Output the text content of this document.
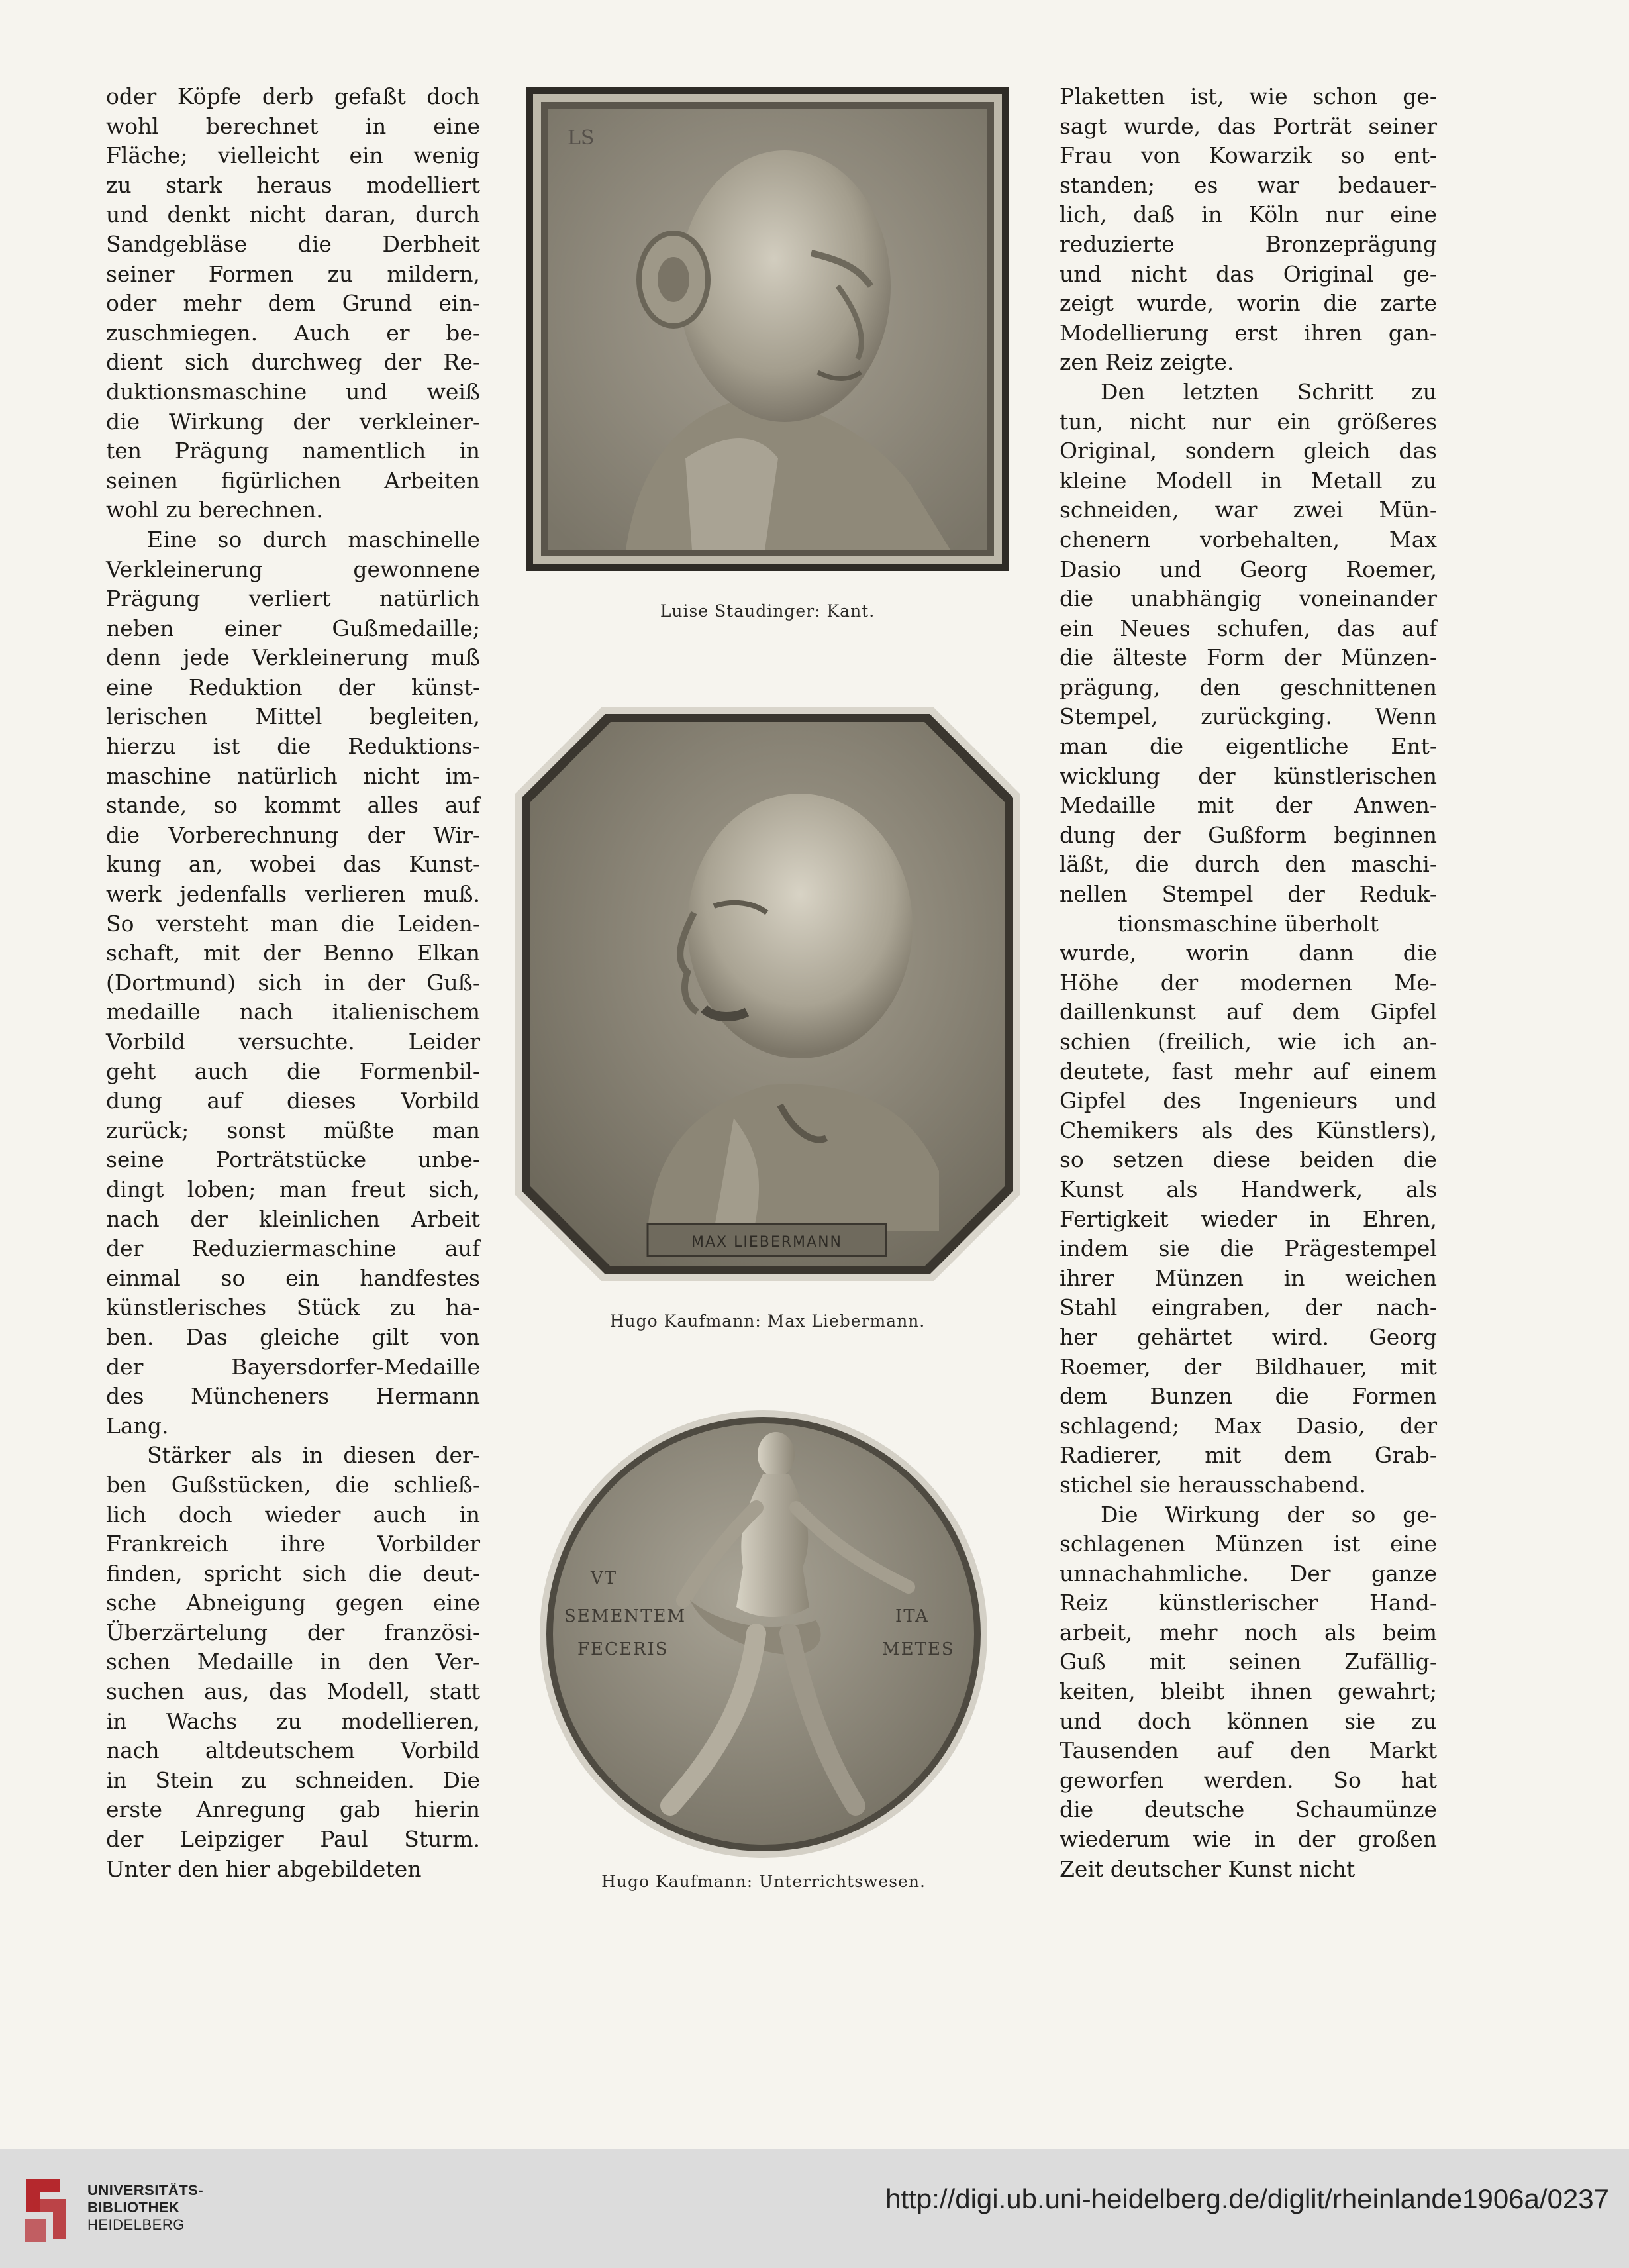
oder Köpfe derb gefaßt doch
wohl berechnet in eine
Fläche; vielleicht ein wenig
zu stark heraus modelliert
und denkt nicht daran, durch
Sandgebläse die Derbheit
seiner Formen zu mildern,
oder mehr dem Grund ein-
zuschmiegen. Auch er be-
dient sich durchweg der Re-
duktionsmaschine und weiß
die Wirkung der verkleiner-
ten Prägung namentlich in
seinen figürlichen Arbeiten
wohl zu berechnen.
Eine so durch maschinelle
Verkleinerung gewonnene
Prägung verliert natürlich
neben einer Gußmedaille;
denn jede Verkleinerung muß
eine Reduktion der künst-
lerischen Mittel begleiten,
hierzu ist die Reduktions-
maschine natürlich nicht im-
stande, so kommt alles auf
die Vorberechnung der Wir-
kung an, wobei das Kunst-
werk jedenfalls verlieren muß.
So versteht man die Leiden-
schaft, mit der Benno Elkan
(Dortmund) sich in der Guß-
medaille nach italienischem
Vorbild versuchte. Leider
geht auch die Formenbil-
dung auf dieses Vorbild
zurück; sonst müßte man
seine Porträtstücke unbe-
dingt loben; man freut sich,
nach der kleinlichen Arbeit
der Reduziermaschine auf
einmal so ein handfestes
künstlerisches Stück zu ha-
ben. Das gleiche gilt von
der Bayersdorfer-Medaille
des Müncheners Hermann
Lang.
Stärker als in diesen der-
ben Gußstücken, die schließ-
lich doch wieder auch in
Frankreich ihre Vorbilder
finden, spricht sich die deut-
sche Abneigung gegen eine
Überzärtelung der französi-
schen Medaille in den Ver-
suchen aus, das Modell, statt
in Wachs zu modellieren,
nach altdeutschem Vorbild
in Stein zu schneiden. Die
erste Anregung gab hierin
der Leipziger Paul Sturm.
Unter den hier abgebildeten
Plaketten ist, wie schon ge-
sagt wurde, das Porträt seiner
Frau von Kowarzik so ent-
standen; es war bedauer-
lich, daß in Köln nur eine
reduzierte Bronzeprägung
und nicht das Original ge-
zeigt wurde, worin die zarte
Modellierung erst ihren gan-
zen Reiz zeigte.
Den letzten Schritt zu
tun, nicht nur ein größeres
Original, sondern gleich das
kleine Modell in Metall zu
schneiden, war zwei Mün-
chenern vorbehalten, Max
Dasio und Georg Roemer,
die unabhängig voneinander
ein Neues schufen, das auf
die älteste Form der Münzen-
prägung, den geschnittenen
Stempel, zurückging. Wenn
man die eigentliche Ent-
wicklung der künstlerischen
Medaille mit der Anwen-
dung der Gußform beginnen
läßt, die durch den maschi-
nellen Stempel der Reduk-
tionsmaschine überholt
wurde, worin dann die
Höhe der modernen Me-
daillenkunst auf dem Gipfel
schien (freilich, wie ich an-
deutete, fast mehr auf einem
Gipfel des Ingenieurs und
Chemikers als des Künstlers),
so setzen diese beiden die
Kunst als Handwerk, als
Fertigkeit wieder in Ehren,
indem sie die Prägestempel
ihrer Münzen in weichen
Stahl eingraben, der nach-
her gehärtet wird. Georg
Roemer, der Bildhauer, mit
dem Bunzen die Formen
schlagend; Max Dasio, der
Radierer, mit dem Grab-
stichel sie herausschabend.
Die Wirkung der so ge-
schlagenen Münzen ist eine
unnachahmliche. Der ganze
Reiz künstlerischer Hand-
arbeit, mehr noch als beim
Guß mit seinen Zufällig-
keiten, bleibt ihnen gewahrt;
und doch können sie zu
Tausenden auf den Markt
geworfen werden. So hat
die deutsche Schaumünze
wiederum wie in der großen
Zeit deutscher Kunst nicht
LS
Luise Staudinger: Kant.
MAX LIEBERMANN
Hugo Kaufmann: Max Liebermann.
VT
SEMENTEM
FECERIS
ITA
METES
Hugo Kaufmann: Unterrichtswesen.
UNIVERSITÄTS-
BIBLIOTHEK
HEIDELBERG
http://digi.ub.uni-heidelberg.de/diglit/rheinlande1906a/0237
